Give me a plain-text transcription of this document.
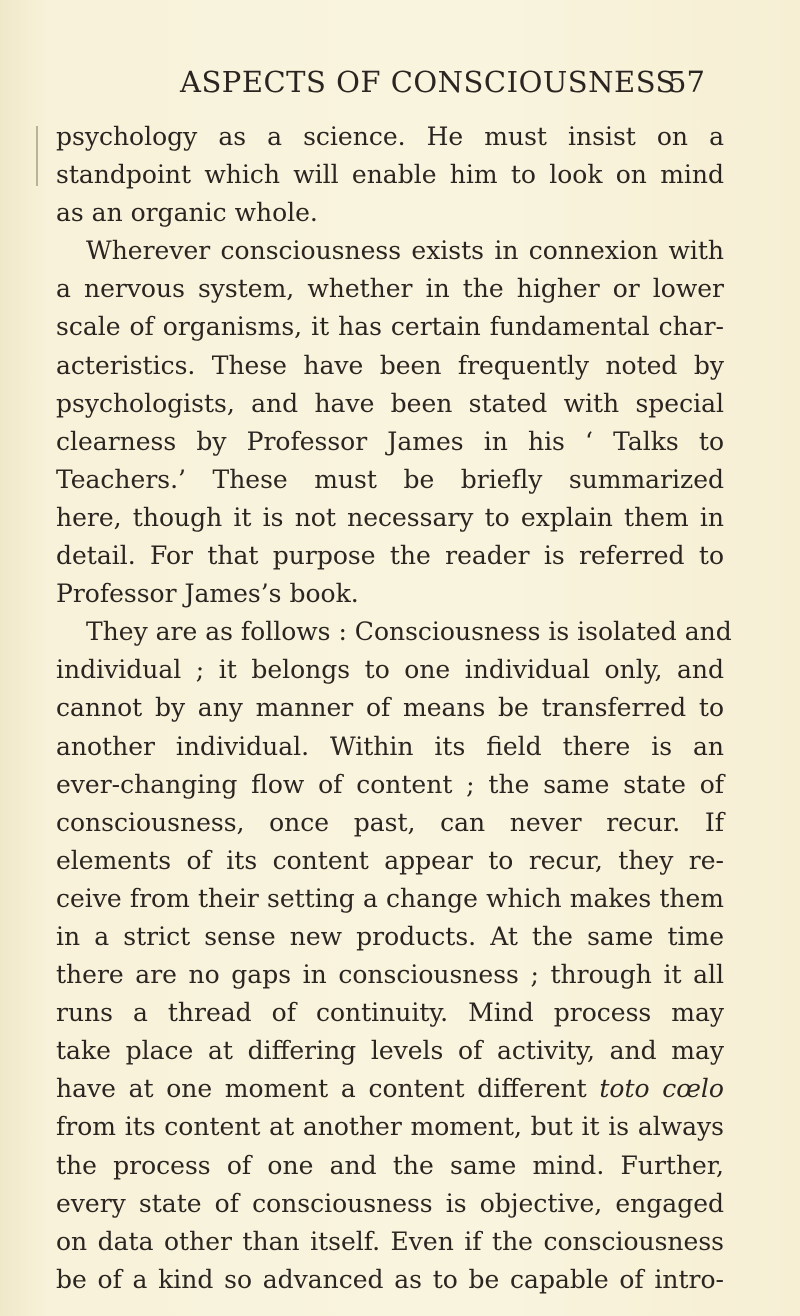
ASPECTS OF CONSCIOUSNESS
57
psychology as a science. He must insist on a
standpoint which will enable him to look on mind
as an organic whole.
Wherever consciousness exists in connexion with
a nervous system, whether in the higher or lower
scale of organisms, it has certain fundamental char-
acteristics. These have been frequently noted by
psychologists, and have been stated with special
clearness by Professor James in his ‘ Talks to
Teachers.’ These must be briefly summarized
here, though it is not necessary to explain them in
detail. For that purpose the reader is referred to
Professor James’s book.
They are as follows : Consciousness is isolated and
individual ; it belongs to one individual only, and
cannot by any manner of means be transferred to
another individual. Within its field there is an
ever-changing flow of content ; the same state of
consciousness, once past, can never recur. If
elements of its content appear to recur, they re-
ceive from their setting a change which makes them
in a strict sense new products. At the same time
there are no gaps in consciousness ; through it all
runs a thread of continuity. Mind process may
take place at differing levels of activity, and may
have at one moment a content different toto cœlo
from its content at another moment, but it is always
the process of one and the same mind. Further,
every state of consciousness is objective, engaged
on data other than itself. Even if the consciousness
be of a kind so advanced as to be capable of intro-
